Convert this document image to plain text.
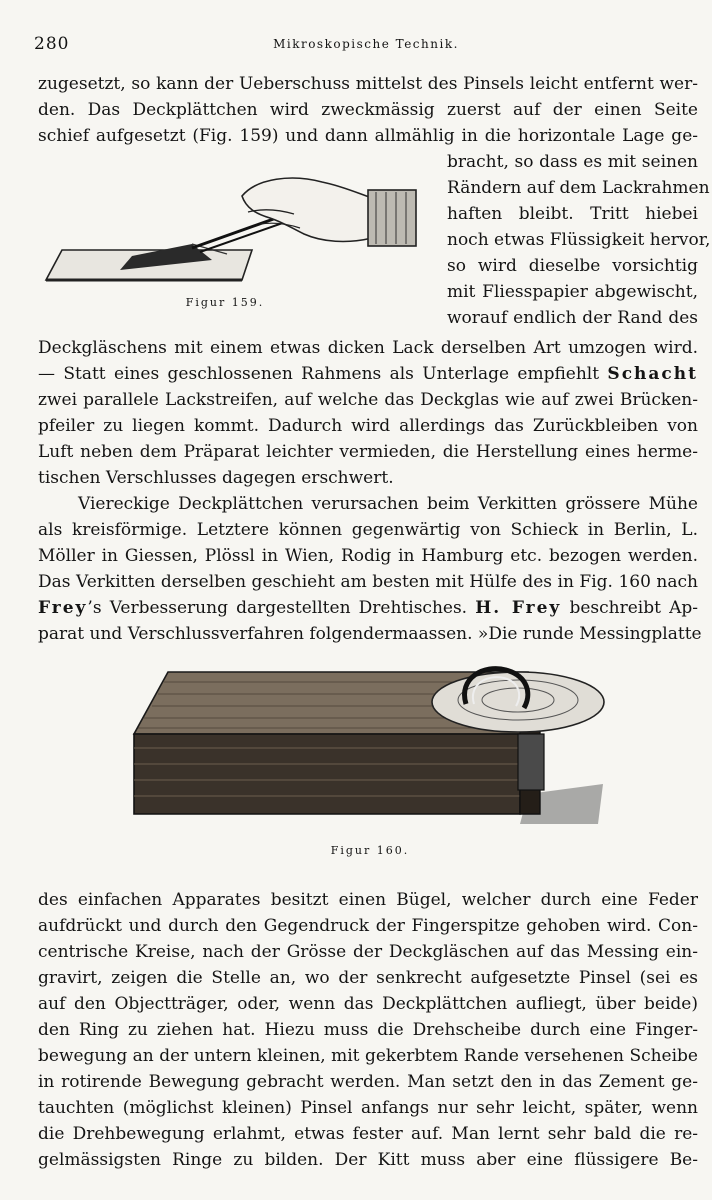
280	Mikroskopische Technik.
zugesetzt, so kann der Ueberschuss mittelst des Pinsels leicht entfernt wer-
den. Das Deckplättchen wird zweckmässig zuerst auf der einen Seite
schief aufgesetzt (Fig. 159) und dann allmählig in die horizontale Lage ge-
Figur 159.
bracht, so dass es mit seinen
Rändern auf dem Lackrahmen
haften bleibt. Tritt hiebei
noch etwas Flüssigkeit hervor,
so wird dieselbe vorsichtig
mit Fliesspapier abgewischt,
worauf endlich der Rand des
Deckgläschens mit einem etwas dicken Lack derselben Art umzogen wird.
— Statt eines geschlossenen Rahmens als Unterlage empfiehlt Schacht
zwei parallele Lackstreifen, auf welche das Deckglas wie auf zwei Brücken-
pfeiler zu liegen kommt. Dadurch wird allerdings das Zurückbleiben von
Luft neben dem Präparat leichter vermieden, die Herstellung eines herme-
tischen Verschlusses dagegen erschwert.
Viereckige Deckplättchen verursachen beim Verkitten grössere Mühe
als kreisförmige. Letztere können gegenwärtig von Schieck in Berlin, L.
Möller in Giessen, Plössl in Wien, Rodig in Hamburg etc. bezogen werden.
Das Verkitten derselben geschieht am besten mit Hülfe des in Fig. 160 nach
Frey’s Verbesserung dargestellten Drehtisches. H. Frey beschreibt Ap-
parat und Verschlussverfahren folgendermaassen. »Die runde Messingplatte
Figur 160.
des einfachen Apparates besitzt einen Bügel, welcher durch eine Feder
aufdrückt und durch den Gegendruck der Fingerspitze gehoben wird. Con-
centrische Kreise, nach der Grösse der Deckgläschen auf das Messing ein-
gravirt, zeigen die Stelle an, wo der senkrecht aufgesetzte Pinsel (sei es
auf den Objectträger, oder, wenn das Deckplättchen aufliegt, über beide)
den Ring zu ziehen hat. Hiezu muss die Drehscheibe durch eine Finger-
bewegung an der untern kleinen, mit gekerbtem Rande versehenen Scheibe
in rotirende Bewegung gebracht werden. Man setzt den in das Zement ge-
tauchten (möglichst kleinen) Pinsel anfangs nur sehr leicht, später, wenn
die Drehbewegung erlahmt, etwas fester auf. Man lernt sehr bald die re-
gelmässigsten Ringe zu bilden. Der Kitt muss aber eine flüssigere Be-
